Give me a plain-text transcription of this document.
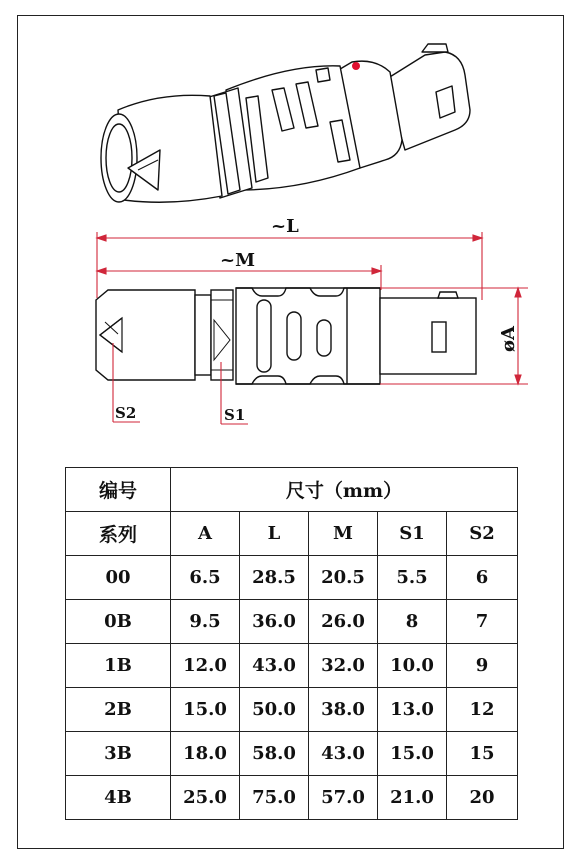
~L
~M
øA
S2	S1
编号	尺寸（mm）				
系列	A	L	M	S1	S2
00	6.5	28.5	20.5	5.5	6
0B	9.5	36.0	26.0	8	7
1B	12.0	43.0	32.0	10.0	9
2B	15.0	50.0	38.0	13.0	12
3B	18.0	58.0	43.0	15.0	15
4B	25.0	75.0	57.0	21.0	20
